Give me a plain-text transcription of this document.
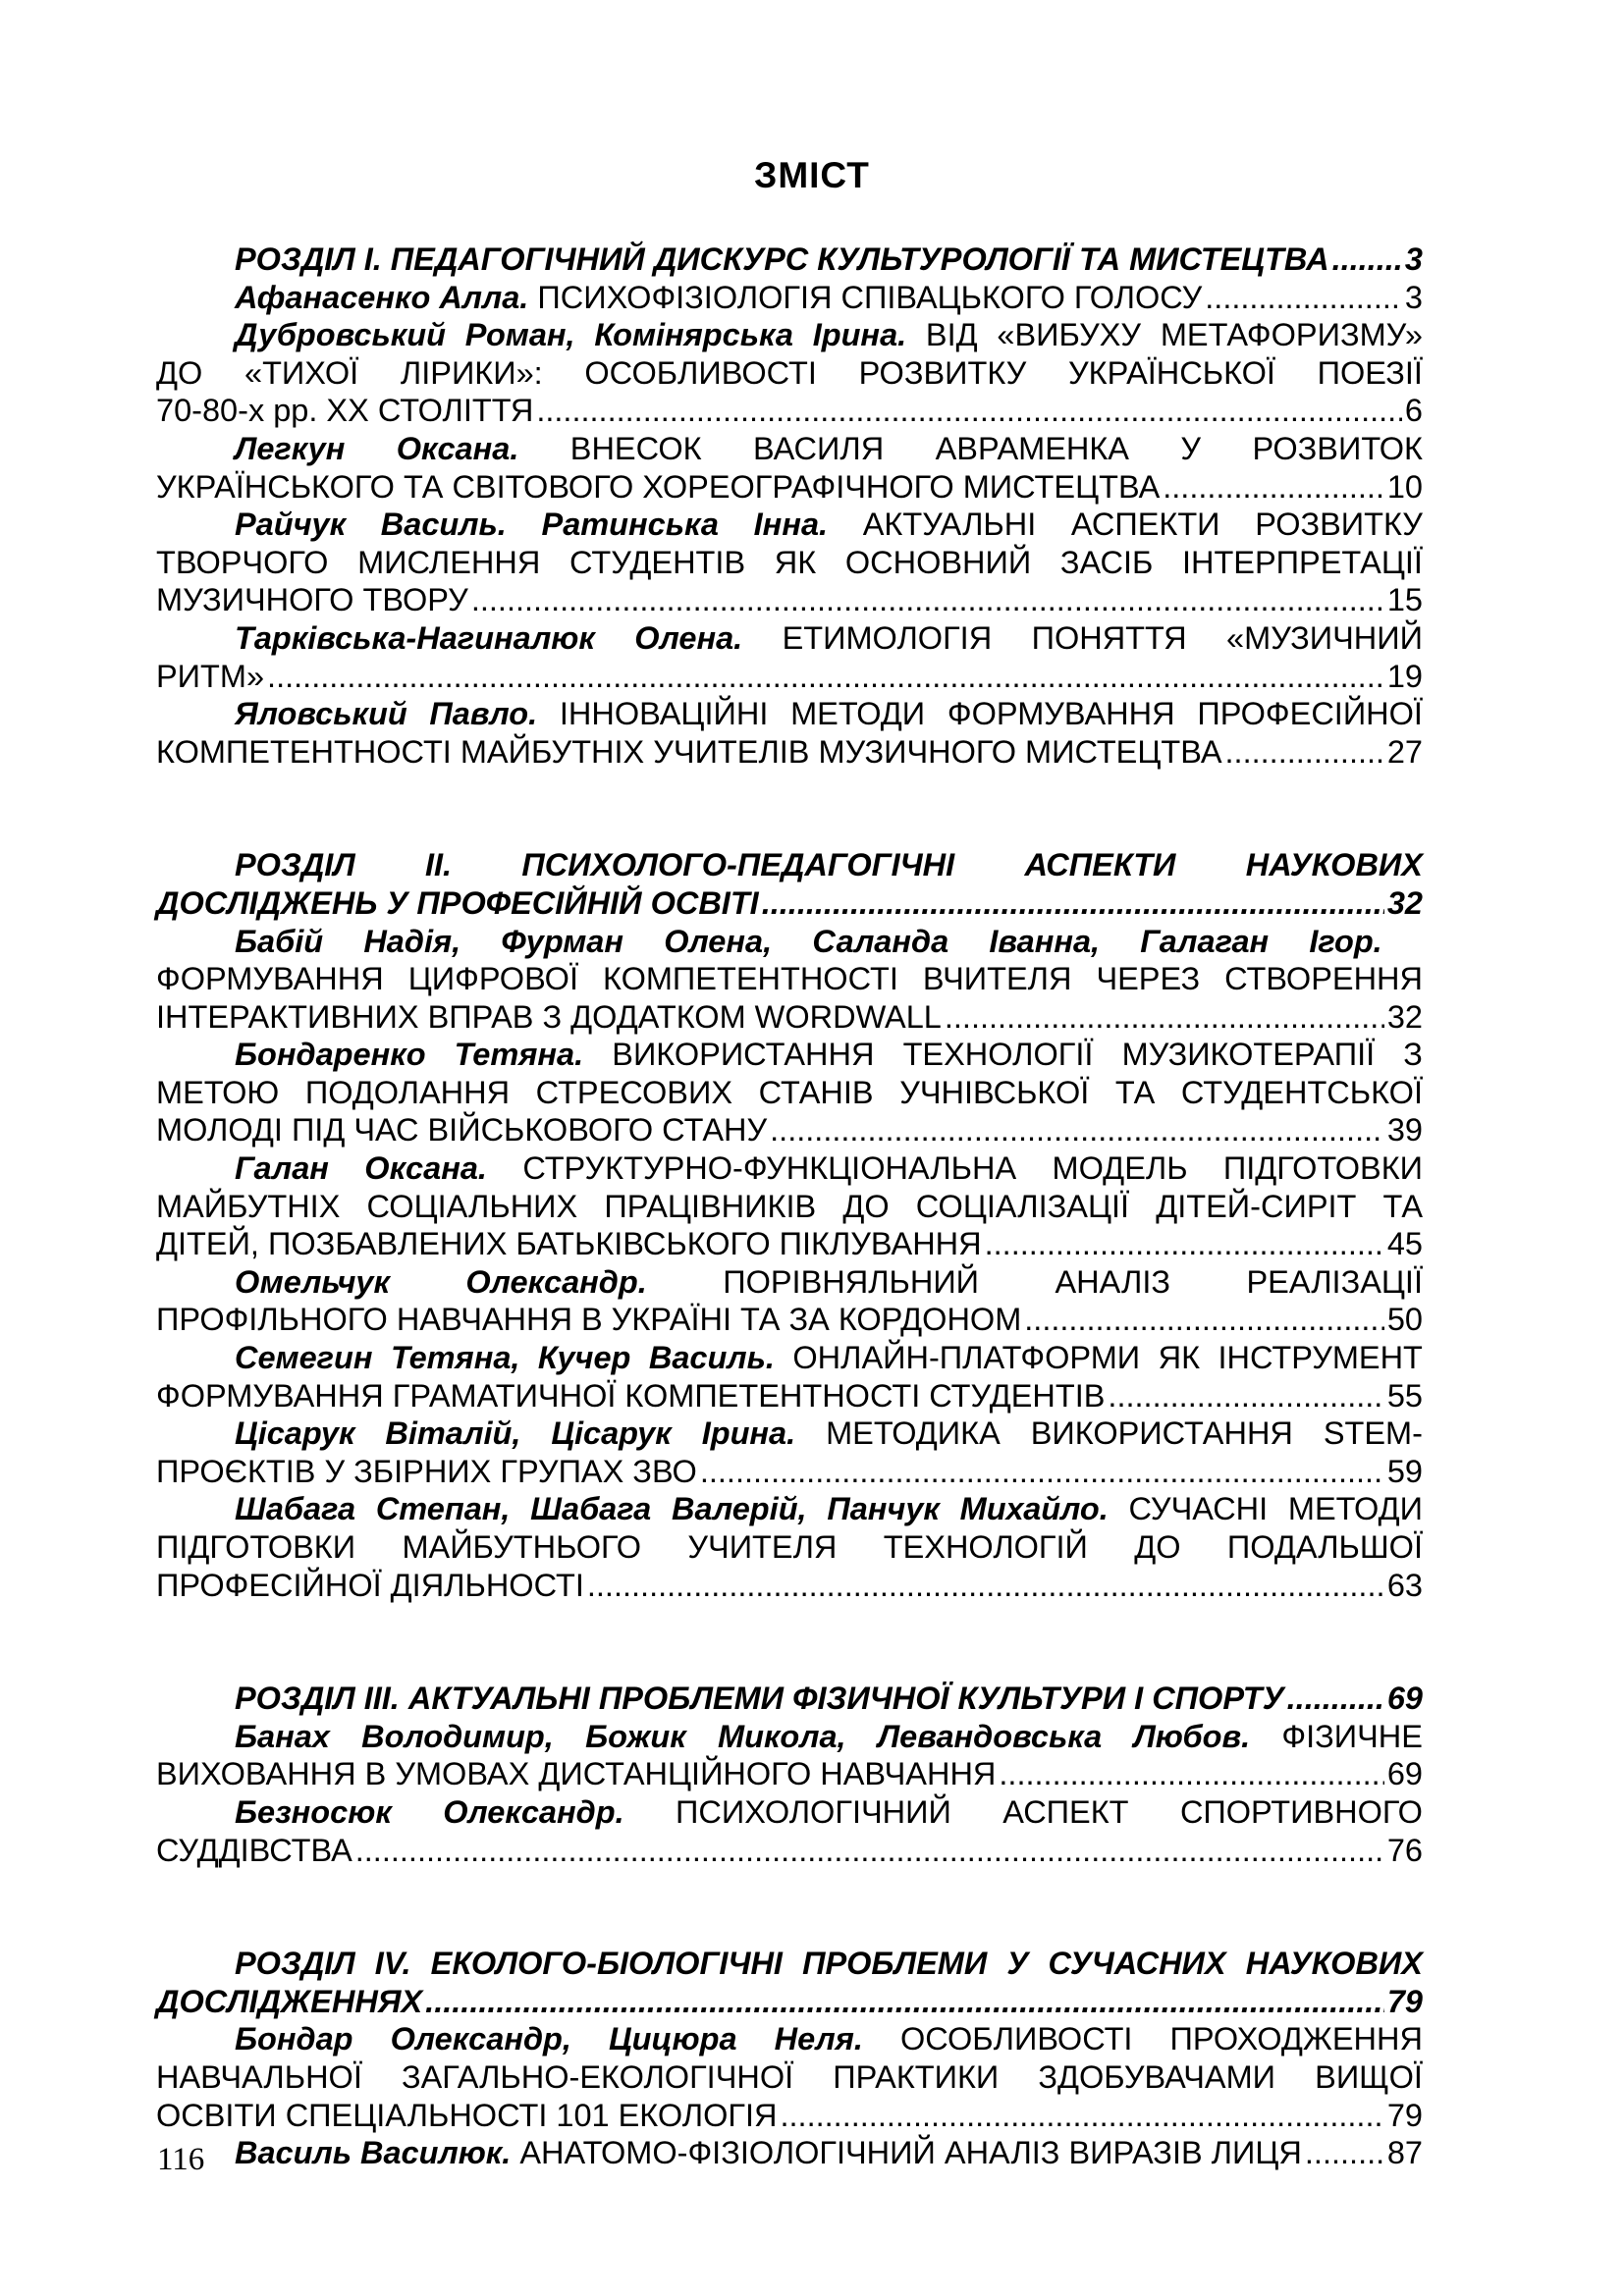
ЗМІСТ
РОЗДІЛ І. ПЕДАГОГІЧНИЙ ДИСКУРС КУЛЬТУРОЛОГІЇ ТА МИСТЕЦТВА ..... 3
Афанасенко Алла. ПСИХОФІЗІОЛОГІЯ СПІВАЦЬКОГО ГОЛОСУ .....	3
Дубровський Роман, Комінярська Ірина. ВІД «ВИБУХУ МЕТАФОРИЗМУ»
ДО «ТИХОЇ ЛІРИКИ»: ОСОБЛИВОСТІ РОЗВИТКУ УКРАЇНСЬКОЇ ПОЕЗІЇ
70-80-х рр. ХХ СТОЛІТТЯ .....	6
Легкун Оксана. ВНЕСОК ВАСИЛЯ АВРАМЕНКА У РОЗВИТОК
УКРАЇНСЬКОГО ТА СВІТОВОГО ХОРЕОГРАФІЧНОГО МИСТЕЦТВА .....	10
Райчук Василь. Ратинська Інна. АКТУАЛЬНІ АСПЕКТИ РОЗВИТКУ
ТВОРЧОГО МИСЛЕННЯ СТУДЕНТІВ ЯК ОСНОВНИЙ ЗАСІБ ІНТЕРПРЕТАЦІЇ
МУЗИЧНОГО ТВОРУ .....	15
Тарківська-Нагиналюк Олена. ЕТИМОЛОГІЯ ПОНЯТТЯ «МУЗИЧНИЙ
РИТМ» .....	19
Яловський Павло. ІННОВАЦІЙНІ МЕТОДИ ФОРМУВАННЯ ПРОФЕСІЙНОЇ
КОМПЕТЕНТНОСТІ МАЙБУТНІХ УЧИТЕЛІВ МУЗИЧНОГО МИСТЕЦТВА .....	27
РОЗДІЛ ІІ. ПСИХОЛОГО-ПЕДАГОГІЧНІ АСПЕКТИ НАУКОВИХ
ДОСЛІДЖЕНЬ У ПРОФЕСІЙНІЙ ОСВІТІ .....	32
Бабій Надія, Фурман Олена, Саланда Іванна, Галаган Ігор.
ФОРМУВАННЯ ЦИФРОВОЇ КОМПЕТЕНТНОСТІ ВЧИТЕЛЯ ЧЕРЕЗ СТВОРЕННЯ
ІНТЕРАКТИВНИХ ВПРАВ З ДОДАТКОМ WORDWALL .....	32
Бондаренко Тетяна. ВИКОРИСТАННЯ ТЕХНОЛОГІЇ МУЗИКОТЕРАПІЇ З
МЕТОЮ ПОДОЛАННЯ СТРЕСОВИХ СТАНІВ УЧНІВСЬКОЇ ТА СТУДЕНТСЬКОЇ
МОЛОДІ ПІД ЧАС ВІЙСЬКОВОГО СТАНУ .....	39
Галан Оксана. СТРУКТУРНО-ФУНКЦІОНАЛЬНА МОДЕЛЬ ПІДГОТОВКИ
МАЙБУТНІХ СОЦІАЛЬНИХ ПРАЦІВНИКІВ ДО СОЦІАЛІЗАЦІЇ ДІТЕЙ-СИРІТ ТА
ДІТЕЙ, ПОЗБАВЛЕНИХ БАТЬКІВСЬКОГО ПІКЛУВАННЯ .....	45
Омельчук Олександр. ПОРІВНЯЛЬНИЙ АНАЛІЗ РЕАЛІЗАЦІЇ
ПРОФІЛЬНОГО НАВЧАННЯ В УКРАЇНІ ТА ЗА КОРДОНОМ .....	50
Семегин Тетяна, Кучер Василь. ОНЛАЙН-ПЛАТФОРМИ ЯК ІНСТРУМЕНТ
ФОРМУВАННЯ ГРАМАТИЧНОЇ КОМПЕТЕНТНОСТІ СТУДЕНТІВ .....	55
Цісарук Віталій, Цісарук Ірина. МЕТОДИКА ВИКОРИСТАННЯ STEM-
ПРОЄКТІВ У ЗБІРНИХ ГРУПАХ ЗВО .....	59
Шабага Степан, Шабага Валерій, Панчук Михайло. СУЧАСНІ МЕТОДИ
ПІДГОТОВКИ МАЙБУТНЬОГО УЧИТЕЛЯ ТЕХНОЛОГІЙ ДО ПОДАЛЬШОЇ
ПРОФЕСІЙНОЇ ДІЯЛЬНОСТІ .....	63
РОЗДІЛ ІІІ. АКТУАЛЬНІ ПРОБЛЕМИ ФІЗИЧНОЇ КУЛЬТУРИ І СПОРТУ .....	69
Банах Володимир, Божик Микола, Левандовська Любов. ФІЗИЧНЕ
ВИХОВАННЯ В УМОВАХ ДИСТАНЦІЙНОГО НАВЧАННЯ .....	69
Безносюк Олександр. ПСИХОЛОГІЧНИЙ АСПЕКТ СПОРТИВНОГО
СУДДІВСТВА .....	76
РОЗДІЛ IV. ЕКОЛОГО-БІОЛОГІЧНІ ПРОБЛЕМИ У СУЧАСНИХ НАУКОВИХ
ДОСЛІДЖЕННЯХ .....	79
Бондар Олександр, Цицюра Неля. ОСОБЛИВОСТІ ПРОХОДЖЕННЯ
НАВЧАЛЬНОЇ ЗАГАЛЬНО-ЕКОЛОГІЧНОЇ ПРАКТИКИ ЗДОБУВАЧАМИ ВИЩОЇ
ОСВІТИ СПЕЦІАЛЬНОСТІ 101 ЕКОЛОГІЯ .....	79
Василь Василюк. АНАТОМО-ФІЗІОЛОГІЧНИЙ АНАЛІЗ ВИРАЗІВ ЛИЦЯ .....	87
116
